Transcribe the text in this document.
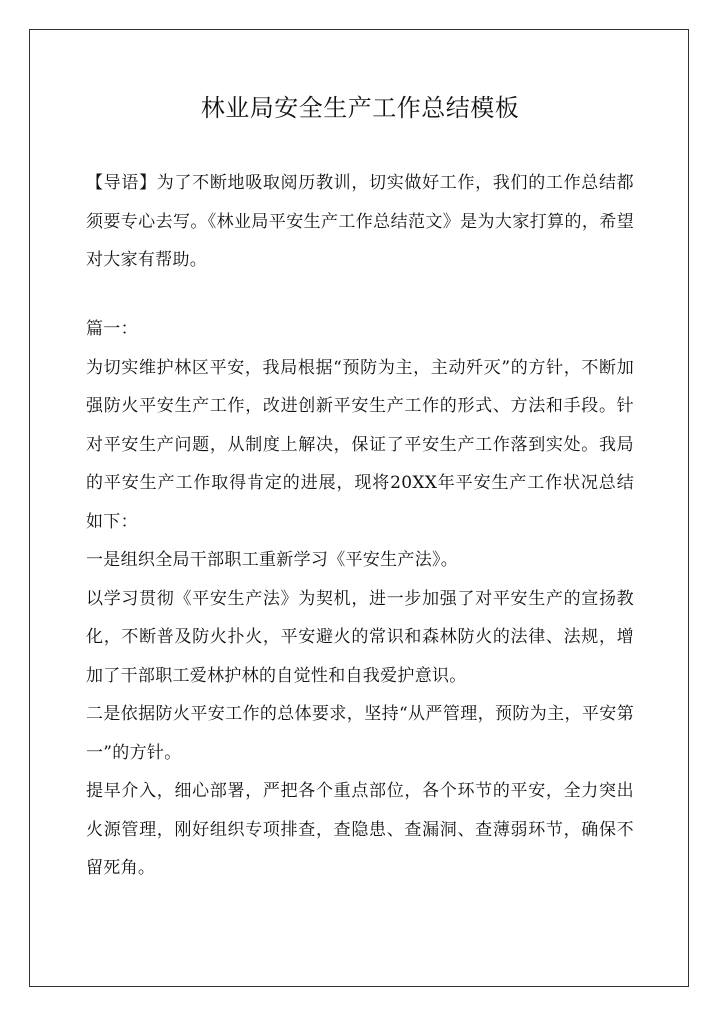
林业局安全生产工作总结模板

【导语】为了不断地吸取阅历教训，切实做好工作，我们的工作总结都须要专心去写。《林业局平安生产工作总结范文》是为大家打算的，希望对大家有帮助。

篇一：

为切实维护林区平安，我局根据“预防为主，主动歼灭”的方针，不断加强防火平安生产工作，改进创新平安生产工作的形式、方法和手段。针对平安生产问题，从制度上解决，保证了平安生产工作落到实处。我局的平安生产工作取得肯定的进展，现将20XX年平安生产工作状况总结如下：

一是组织全局干部职工重新学习《平安生产法》。

以学习贯彻《平安生产法》为契机，进一步加强了对平安生产的宣扬教化，不断普及防火扑火，平安避火的常识和森林防火的法律、法规，增加了干部职工爱林护林的自觉性和自我爱护意识。

二是依据防火平安工作的总体要求，坚持“从严管理，预防为主，平安第一”的方针。

提早介入，细心部署，严把各个重点部位，各个环节的平安，全力突出火源管理，刚好组织专项排查，查隐患、查漏洞、查薄弱环节，确保不留死角。
